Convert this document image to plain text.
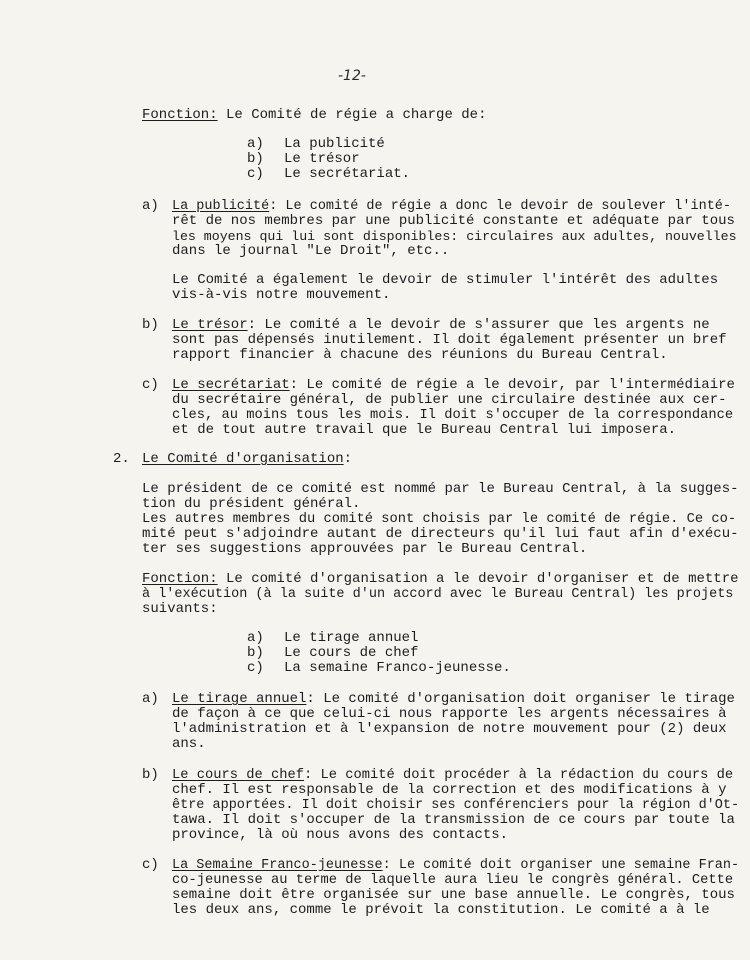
-12-
Fonction: Le Comité de régie a charge de:
a) La publicité
b) Le trésor
c) Le secrétariat.
a) La publicité: Le comité de régie a donc le devoir de soulever l'inté-
rêt de nos membres par une publicité constante et adéquate par tous
les moyens qui lui sont disponibles: circulaires aux adultes, nouvelles
dans le journal "Le Droit", etc..
Le Comité a également le devoir de stimuler l'intérêt des adultes
vis-à-vis notre mouvement.
b) Le trésor: Le comité a le devoir de s'assurer que les argents ne
sont pas dépensés inutilement. Il doit également présenter un bref
rapport financier à chacune des réunions du Bureau Central.
c) Le secrétariat: Le comité de régie a le devoir, par l'intermédiaire
du secrétaire général, de publier une circulaire destinée aux cer-
cles, au moins tous les mois. Il doit s'occuper de la correspondance
et de tout autre travail que le Bureau Central lui imposera.
2. Le Comité d'organisation:
Le président de ce comité est nommé par le Bureau Central, à la sugges-
tion du président général.
Les autres membres du comité sont choisis par le comité de régie. Ce co-
mité peut s'adjoindre autant de directeurs qu'il lui faut afin d'exécu-
ter ses suggestions approuvées par le Bureau Central.
Fonction: Le comité d'organisation a le devoir d'organiser et de mettre
à l'exécution (à la suite d'un accord avec le Bureau Central) les projets
suivants:
a) Le tirage annuel
b) Le cours de chef
c) La semaine Franco-jeunesse.
a) Le tirage annuel: Le comité d'organisation doit organiser le tirage
de façon à ce que celui-ci nous rapporte les argents nécessaires à
l'administration et à l'expansion de notre mouvement pour (2) deux
ans.
b) Le cours de chef: Le comité doit procéder à la rédaction du cours de
chef. Il est responsable de la correction et des modifications à y
être apportées. Il doit choisir ses conférenciers pour la région d'Ot-
tawa. Il doit s'occuper de la transmission de ce cours par toute la
province, là où nous avons des contacts.
c) La Semaine Franco-jeunesse: Le comité doit organiser une semaine Fran-
co-jeunesse au terme de laquelle aura lieu le congrès général. Cette
semaine doit être organisée sur une base annuelle. Le congrès, tous
les deux ans, comme le prévoit la constitution. Le comité a à le
